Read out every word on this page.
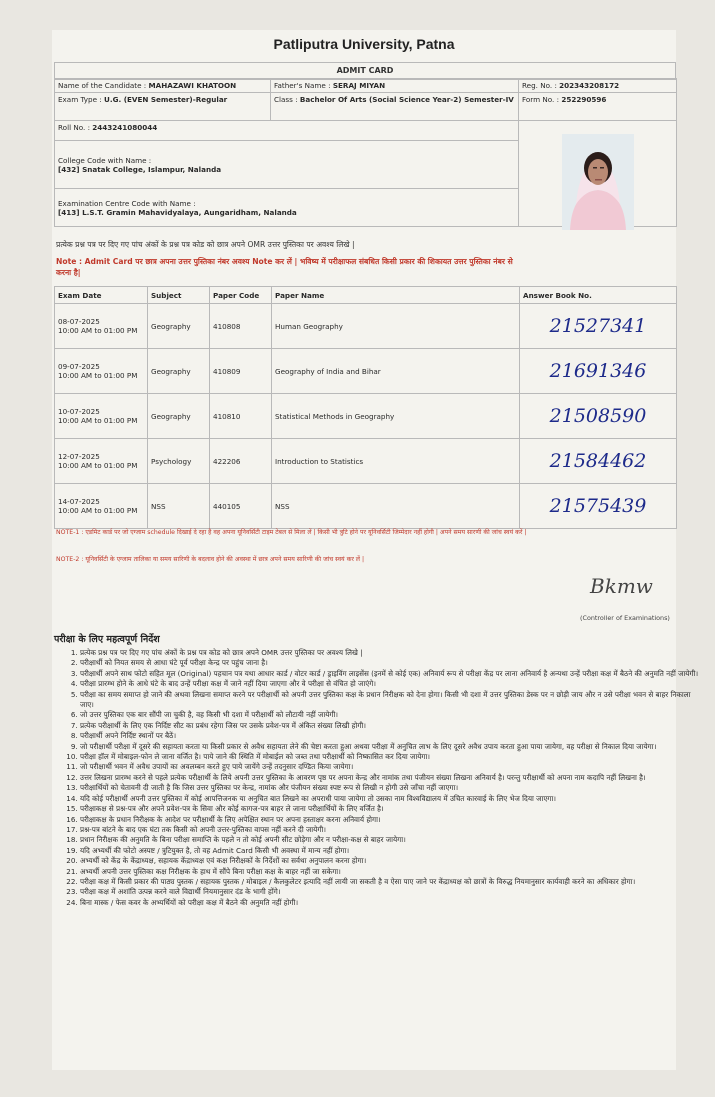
Patliputra University, Patna
ADMIT CARD
Name of the Candidate : MAHAZAWI KHATOON	Father's Name : SERAJ MIYAN	Reg. No. : 202343208172
Exam Type : U.G. (EVEN Semester)-Regular	Class : Bachelor Of Arts (Social Science Year-2) Semester-IV	Form No. : 252290596
Roll No. : 2443241080044		
College Code with Name :
[432] Snatak College, Islampur, Nalanda		
Examination Centre Code with Name :
[413] L.S.T. Gramin Mahavidyalaya, Aungaridham, Nalanda		
प्रत्येक प्रश्न पत्र पर दिए गए पांच अंकों के प्रश्न पत्र कोड को छात्र अपने OMR उत्तर पुस्तिका पर अवश्य लिखे |
Note : Admit Card पर छात्र अपना उत्तर पुस्तिका नंबर अवश्य Note कर लें | भविष्य में परीक्षाफल संबधित किसी प्रकार की शिकायत उत्तर पुस्तिका नंबर से करना है|
Exam Date	Subject	Paper Code	Paper Name	Answer Book No.
08-07-2025
10:00 AM to 01:00 PM	Geography	410808	Human Geography	21527341
09-07-2025
10:00 AM to 01:00 PM	Geography	410809	Geography of India and Bihar	21691346
10-07-2025
10:00 AM to 01:00 PM	Geography	410810	Statistical Methods in Geography	21508590
12-07-2025
10:00 AM to 01:00 PM	Psychology	422206	Introduction to Statistics	21584462
14-07-2025
10:00 AM to 01:00 PM	NSS	440105	NSS	21575439
NOTE-1 : एडमिट कार्ड पर जो एग्जाम schedule दिखाई दे रहा है वह अपना यूनिवर्सिटी टाइम टेबल से मिला लें | किसी भी त्रुटि होने पर यूनिवर्सिटी जिम्मेदार नहीं होगी | अपने समय सारणी की जांच स्वयं करें |
NOTE-2 : यूनिवर्सिटी के एग्जाम तालिका या समय सारिणी के बदलाव होने की अवस्था में छात्र अपने समय सारिणी की जांच स्वयं कर लें |
Bkmw
(Controller of Examinations)
परीक्षा के लिए महत्वपूर्ण निर्देश
1. प्रत्येक प्रश्न पत्र पर दिए गए पांच अंकों के प्रश्न पत्र कोड को छात्र अपने OMR उत्तर पुस्तिका पर अवश्य लिखे |
2. परीक्षार्थी को नियत समय से आधा घंटे पूर्व परीक्षा केन्द्र पर पहुंच जाना है।
3. परीक्षार्थी अपने साथ फोटो सहित मूल (Original) पहचान पत्र यथा आधार कार्ड / वोटर कार्ड / ड्राइविंग लाइसेंस (इनमें से कोई एक) अनिवार्य रूप से परीक्षा केंद्र पर लाना अनिवार्य है अन्यथा उन्हें परीक्षा कक्ष में बैठने की अनुमति नहीं जायेगी।
4. परीक्षा प्रारम्भ होने के आधे घंटे के बाद उन्हें परीक्षा कक्ष में जाने नहीं दिया जाएगा और वे परीक्षा से वंचित हो जाएंगे।
5. परीक्षा का समय समाप्त हो जाने की अथवा लिखना समाप्त करने पर परीक्षार्थी को अपनी उत्तर पुस्तिका कक्ष के प्रधान निरीक्षक को देना होगा। किसी भी दशा में उत्तर पुस्तिका डेस्क पर न छोड़ी जाय और न उसे परीक्षा भवन से बाहर निकाला जाए।
6. जो उत्तर पुस्तिका एक बार सौंपी जा चुकी है, वह किसी भी दशा में परीक्षार्थी को लौटायी नहीं जायेगी।
7. प्रत्येक परीक्षार्थी के लिए एक निर्दिष्ट सीट का प्रबंध रहेगा जिस पर उसके प्रवेश-पत्र में अंकित संख्या लिखी होगी।
8. परीक्षार्थी अपने निर्दिष्ट स्थानों पर बैठें।
9. जो परीक्षार्थी परीक्षा में दूसरे की सहायता करता या किसी प्रकार से अवैध सहायता लेने की चेष्टा करता हुआ अथवा परीक्षा में अनुचित लाभ के लिए दूसरे अवैध उपाय करता हुआ पाया जायेगा, वह परीक्षा से निकाल दिया जायेगा।
10. परीक्षा हॉल में मोबाइल-फोन ले जाना वर्जित है। पाये जाने की स्थिति में मोबाईल को जब्त तथा परीक्षार्थी को निष्कासित कर दिया जायेगा।
11. जो परीक्षार्थी भवन में अवैध उपायों का अवलम्बन करते हुए पाये जायेंगे उन्हें तदनुसार दण्डित किया जायेगा।
12. उत्तर लिखना प्रारम्भ करने से पहले प्रत्येक परीक्षार्थी के लिये अपनी उत्तर पुस्तिका के आवरण पृष्ठ पर अपना केन्द्र और नामांक तथा पंजीयन संख्या लिखना अनिवार्य है। परन्तु परीक्षार्थी को अपना नाम कदापि नहीं लिखना है।
13. परीक्षार्थियों को चेतावनी दी जाती है कि जिस उत्तर पुस्तिका पर केन्द्र, नामांक और पंजीयन संख्या स्पष्ट रूप से लिखी न होगी उसे जाँचा नहीं जाएगा।
14. यदि कोई परीक्षार्थी अपनी उत्तर पुस्तिका में कोई आपत्तिजनक या अनुचित बात लिखने का अपराधी पाया जायेगा तो उसका नाम विश्वविद्यालय में उचित कारवाई के लिए भेज दिया जाएगा।
15. परीक्षाकक्ष से प्रश्न-पत्र और अपने प्रवेश-पत्र के सिवा और कोई कागज-पत्र बाहर ले जाना परीक्षार्थियों के लिए वर्जित है।
16. परीक्षाकक्ष के प्रधान निरीक्षक के आदेश पर परीक्षार्थी के लिए अपेक्षित स्थान पर अपना हस्ताक्षर करना अनिवार्य होगा।
17. प्रश्न-पत्र बांटने के बाद एक घंटा तक किसी को अपनी उत्तर-पुस्तिका वापस नहीं करने दी जायेगी।
18. प्रधान निरीक्षक की अनुमति के बिना परीक्षा समाप्ति के पहले न तो कोई अपनी सीट छोड़ेगा और न परीक्षा-कक्ष से बाहर जायेगा।
19. यदि अभ्यर्थी की फोटो अस्पष्ट / त्रुटियुक्त है, तो वह Admit Card किसी भी अवस्था में मान्य नहीं होगा।
20. अभ्यर्थी को केंद्र के केंद्राध्यक्ष, सहायक केंद्राध्यक्ष एवं कक्ष निरीक्षकों के निर्देशों का सर्वथा अनुपालन करना होगा।
21. अभ्यर्थी अपनी उत्तर पुस्तिका कक्ष निरीक्षक के हाथ में सौंपे बिना परीक्षा कक्ष के बाहर नहीं जा सकेगा।
22. परीक्षा कक्ष में किसी प्रकार की पाठ्य पुस्तक / सहायक पुस्तक / मोबाइल / कैलकुलेटर इत्यादि नहीं लायी जा सकती है व ऐसा पाए जाने पर केंद्राध्यक्ष को छात्रों के विरुद्ध नियमानुसार कार्यवाही करने का अधिकार होगा।
23. परीक्षा कक्ष में अशांति उत्पन्न करने वाले विद्यार्थी नियमानुसार दंड के भागी होंगे।
24. बिना मास्क / फेस कवर के अभ्यर्थियों को परीक्षा कक्ष में बैठने की अनुमति नहीं होगी।
